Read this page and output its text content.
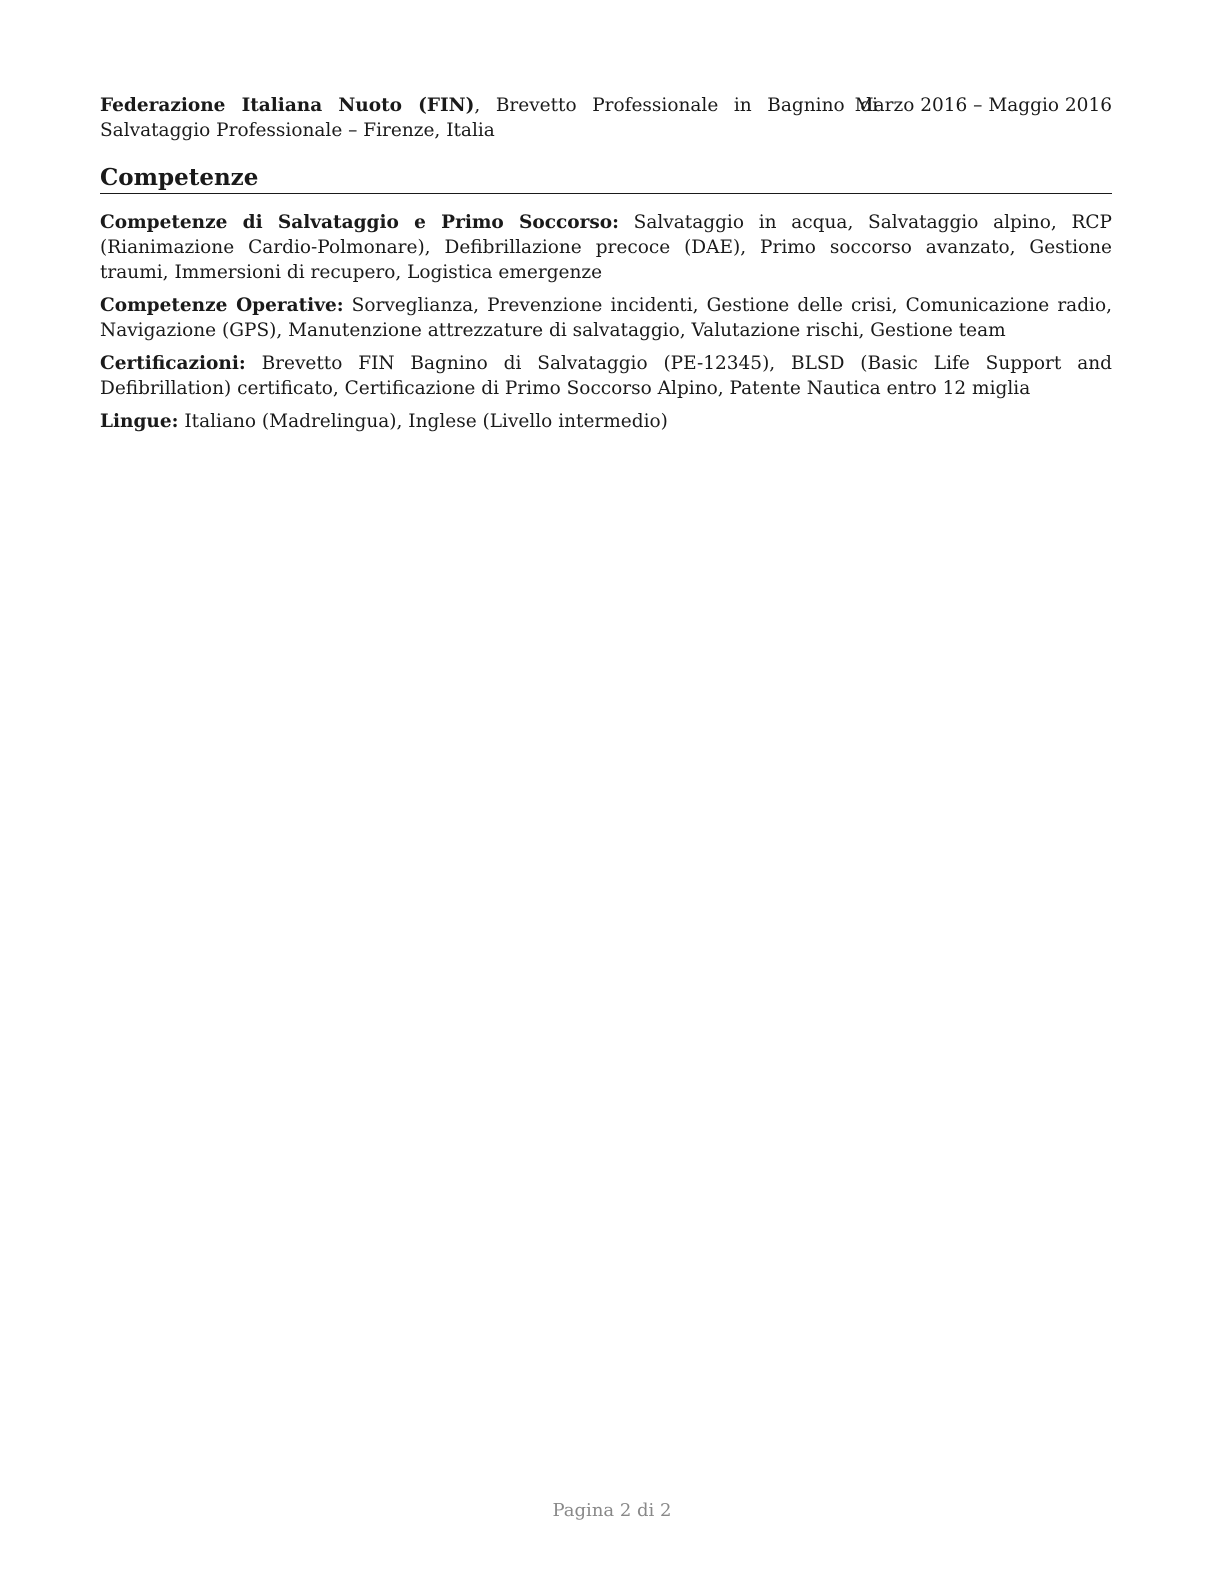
Federazione Italiana Nuoto (FIN), Brevetto Professionale in Bagnino di Salvataggio Professionale – Firenze, Italia
Marzo 2016 – Maggio 2016
Competenze
Competenze di Salvataggio e Primo Soccorso: Salvataggio in acqua, Salvataggio alpino, RCP (Rianimazione Cardio-Polmonare), Defibrillazione precoce (DAE), Primo soccorso avanzato, Gestione traumi, Immersioni di recupero, Logistica emergenze
Competenze Operative: Sorveglianza, Prevenzione incidenti, Gestione delle crisi, Comunicazione radio, Navigazione (GPS), Manutenzione attrezzature di salvataggio, Valutazione rischi, Gestione team
Certificazioni: Brevetto FIN Bagnino di Salvataggio (PE-12345), BLSD (Basic Life Support and Defibrillation) certificato, Certificazione di Primo Soccorso Alpino, Patente Nautica entro 12 miglia
Lingue: Italiano (Madrelingua), Inglese (Livello intermedio)
Pagina 2 di 2
